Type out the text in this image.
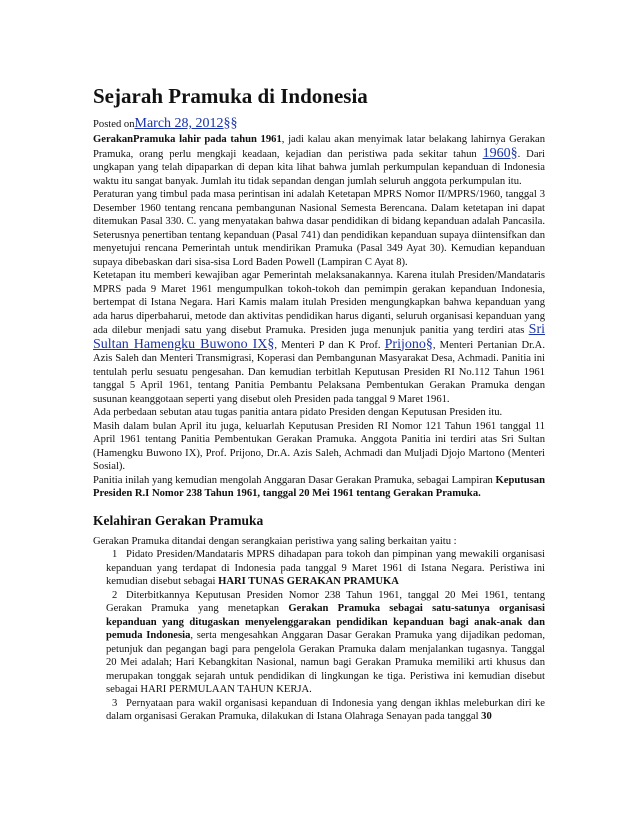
Sejarah Pramuka di Indonesia

Posted onMarch 28, 2012§§

GerakanPramuka lahir pada tahun 1961, jadi kalau akan menyimak latar belakang lahirnya Gerakan Pramuka, orang perlu mengkaji keadaan, kejadian dan peristiwa pada sekitar tahun 1960§. Dari ungkapan yang telah dipaparkan di depan kita lihat bahwa jumlah perkumpulan kepanduan di Indonesia waktu itu sangat banyak. Jumlah itu tidak sepandan dengan jumlah seluruh anggota perkumpulan itu.

Peraturan yang timbul pada masa perintisan ini adalah Ketetapan MPRS Nomor II/MPRS/1960, tanggal 3 Desember 1960 tentang rencana pembangunan Nasional Semesta Berencana. Dalam ketetapan ini dapat ditemukan Pasal 330. C. yang menyatakan bahwa dasar pendidikan di bidang kepanduan adalah Pancasila. Seterusnya penertiban tentang kepanduan (Pasal 741) dan pendidikan kepanduan supaya diintensifkan dan menyetujui rencana Pemerintah untuk mendirikan Pramuka (Pasal 349 Ayat 30). Kemudian kepanduan supaya dibebaskan dari sisa-sisa Lord Baden Powell (Lampiran C Ayat 8).

Ketetapan itu memberi kewajiban agar Pemerintah melaksanakannya. Karena itulah Presiden/Mandataris MPRS pada 9 Maret 1961 mengumpulkan tokoh-tokoh dan pemimpin gerakan kepanduan Indonesia, bertempat di Istana Negara. Hari Kamis malam itulah Presiden mengungkapkan bahwa kepanduan yang ada harus diperbaharui, metode dan aktivitas pendidikan harus diganti, seluruh organisasi kepanduan yang ada dilebur menjadi satu yang disebut Pramuka. Presiden juga menunjuk panitia yang terdiri atas Sri Sultan Hamengku Buwono IX§, Menteri P dan K Prof. Prijono§, Menteri Pertanian Dr.A. Azis Saleh dan Menteri Transmigrasi, Koperasi dan Pembangunan Masyarakat Desa, Achmadi. Panitia ini tentulah perlu sesuatu pengesahan. Dan kemudian terbitlah Keputusan Presiden RI No.112 Tahun 1961 tanggal 5 April 1961, tentang Panitia Pembantu Pelaksana Pembentukan Gerakan Pramuka dengan susunan keanggotaan seperti yang disebut oleh Presiden pada tanggal 9 Maret 1961.

Ada perbedaan sebutan atau tugas panitia antara pidato Presiden dengan Keputusan Presiden itu.

Masih dalam bulan April itu juga, keluarlah Keputusan Presiden RI Nomor 121 Tahun 1961 tanggal 11 April 1961 tentang Panitia Pembentukan Gerakan Pramuka. Anggota Panitia ini terdiri atas Sri Sultan (Hamengku Buwono IX), Prof. Prijono, Dr.A. Azis Saleh, Achmadi dan Muljadi Djojo Martono (Menteri Sosial).

Panitia inilah yang kemudian mengolah Anggaran Dasar Gerakan Pramuka, sebagai Lampiran Keputusan Presiden R.I Nomor 238 Tahun 1961, tanggal 20 Mei 1961 tentang Gerakan Pramuka.

Kelahiran Gerakan Pramuka

Gerakan Pramuka ditandai dengan serangkaian peristiwa yang saling berkaitan yaitu :

1 Pidato Presiden/Mandataris MPRS dihadapan para tokoh dan pimpinan yang mewakili organisasi kepanduan yang terdapat di Indonesia pada tanggal 9 Maret 1961 di Istana Negara. Peristiwa ini kemudian disebut sebagai HARI TUNAS GERAKAN PRAMUKA

2 Diterbitkannya Keputusan Presiden Nomor 238 Tahun 1961, tanggal 20 Mei 1961, tentang Gerakan Pramuka yang menetapkan Gerakan Pramuka sebagai satu-satunya organisasi kepanduan yang ditugaskan menyelenggarakan pendidikan kepanduan bagi anak-anak dan pemuda Indonesia, serta mengesahkan Anggaran Dasar Gerakan Pramuka yang dijadikan pedoman, petunjuk dan pegangan bagi para pengelola Gerakan Pramuka dalam menjalankan tugasnya. Tanggal 20 Mei adalah; Hari Kebangkitan Nasional, namun bagi Gerakan Pramuka memiliki arti khusus dan merupakan tonggak sejarah untuk pendidikan di lingkungan ke tiga. Peristiwa ini kemudian disebut sebagai HARI PERMULAAN TAHUN KERJA.

3 Pernyataan para wakil organisasi kepanduan di Indonesia yang dengan ikhlas meleburkan diri ke dalam organisasi Gerakan Pramuka, dilakukan di Istana Olahraga Senayan pada tanggal 30
